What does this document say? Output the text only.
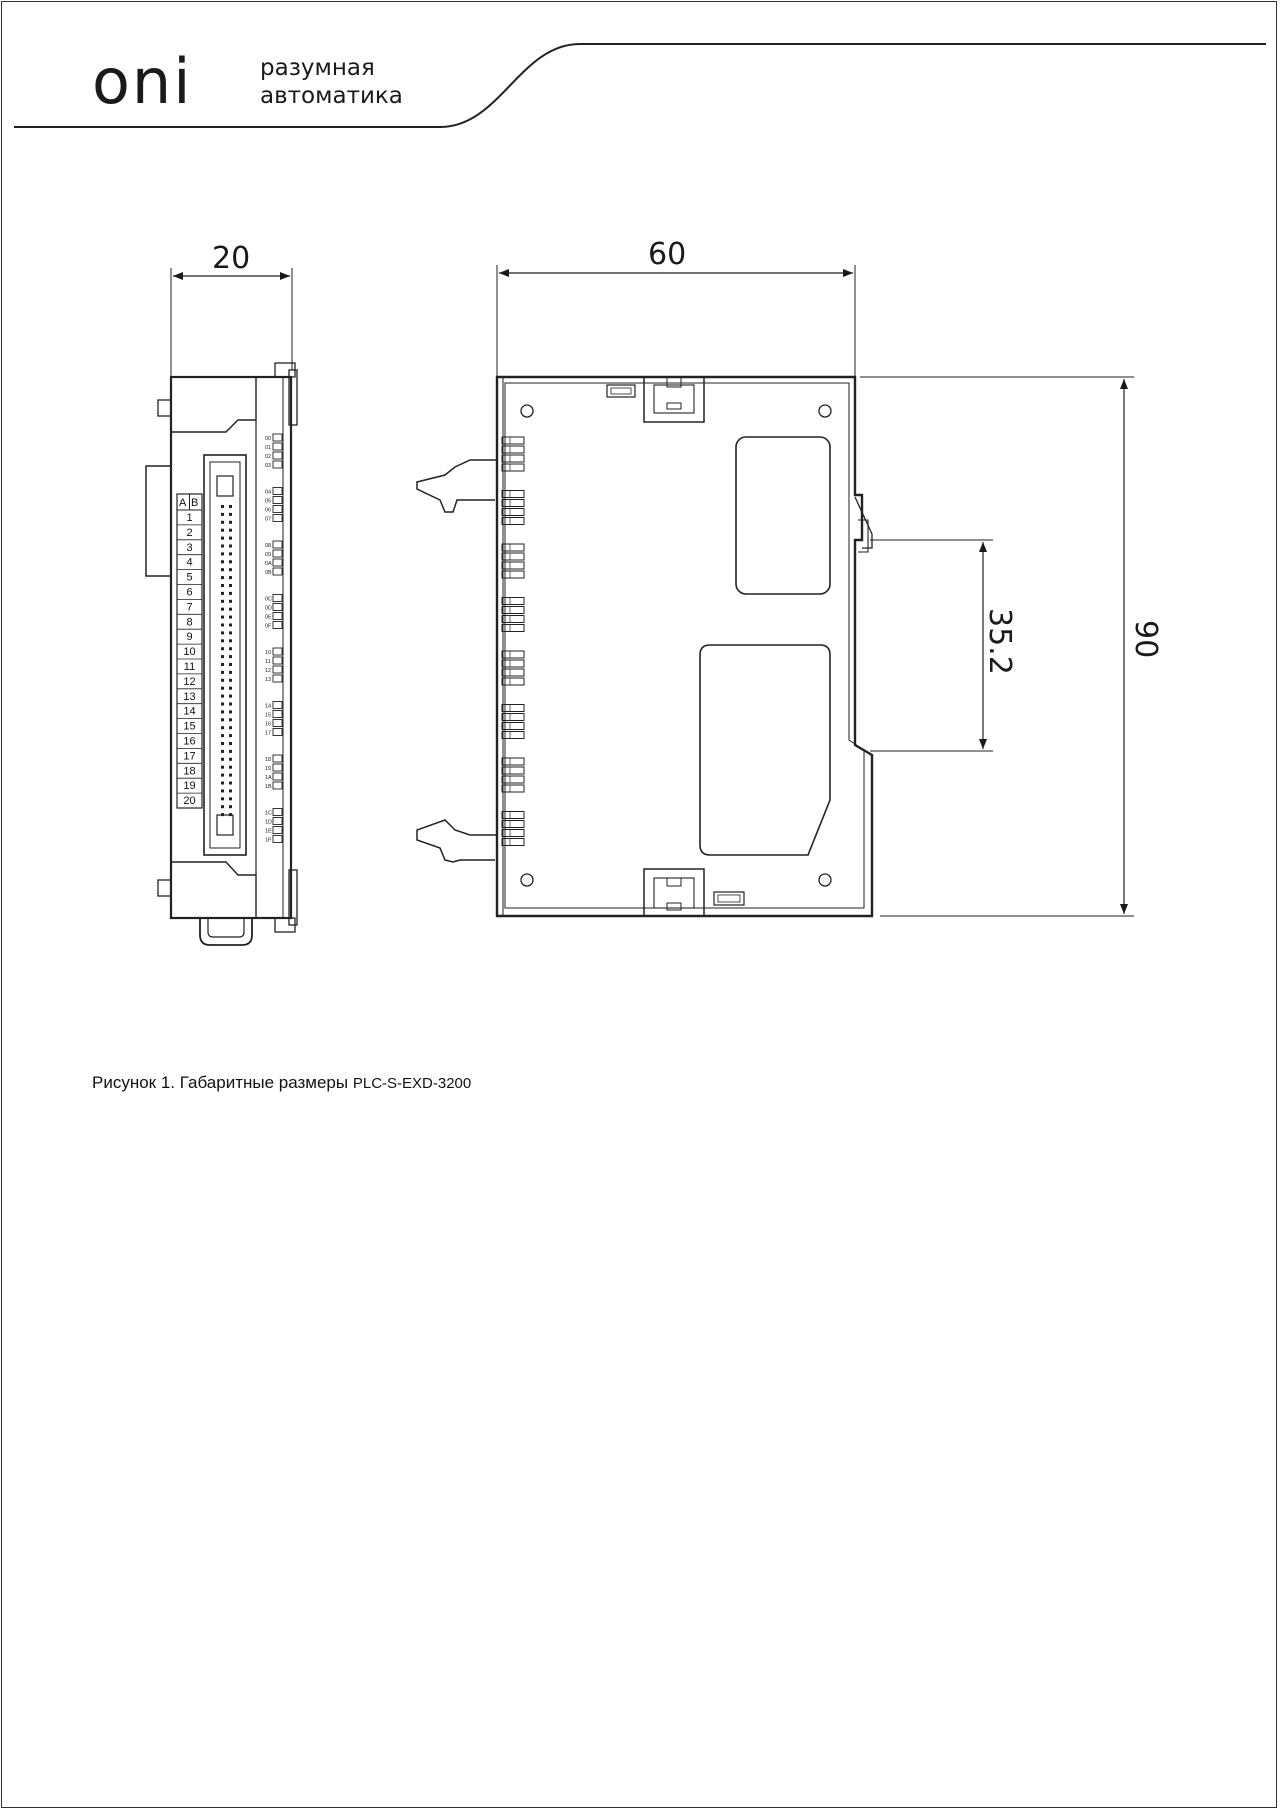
oni	разумная
автоматика
A B
1
2
3
4
5
6
7
8
9
10
11
12
13
14
15
16
17
18
19
20
00
01
02
03
04
05
06
07
08
09
0A
0B
0C
0D
0E
0F
10
11
12
13
14
15
16
17
18
19
1A
1B
1C
1D
1E
1F
20	60
90
35.2
Рисунок 1. Габаритные размеры PLC-S-EXD-3200
